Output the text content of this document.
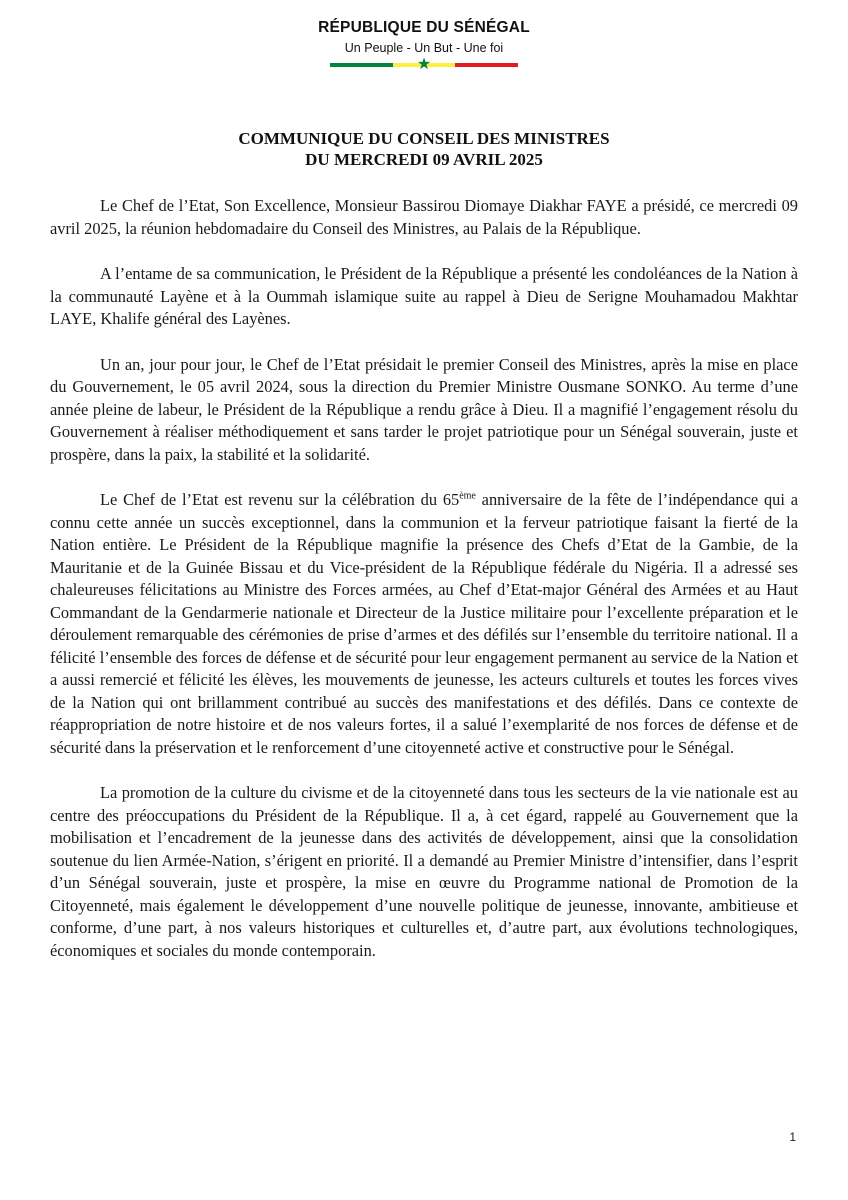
RÉPUBLIQUE DU SÉNÉGAL
Un Peuple - Un But - Une foi
★
COMMUNIQUE DU CONSEIL DES MINISTRES
DU MERCREDI 09 AVRIL 2025

Le Chef de l’Etat, Son Excellence, Monsieur Bassirou Diomaye Diakhar FAYE a présidé, ce mercredi 09 avril 2025, la réunion hebdomadaire du Conseil des Ministres, au Palais de la République.

A l’entame de sa communication, le Président de la République a présenté les condoléances de la Nation à la communauté Layène et à la Oummah islamique suite au rappel à Dieu de Serigne Mouhamadou Makhtar LAYE, Khalife général des Layènes.

Un an, jour pour jour, le Chef de l’Etat présidait le premier Conseil des Ministres, après la mise en place du Gouvernement, le 05 avril 2024, sous la direction du Premier Ministre Ousmane SONKO. Au terme d’une année pleine de labeur, le Président de la République a rendu grâce à Dieu. Il a magnifié l’engagement résolu du Gouvernement à réaliser méthodiquement et sans tarder le projet patriotique pour un Sénégal souverain, juste et prospère, dans la paix, la stabilité et la solidarité.

Le Chef de l’Etat est revenu sur la célébration du 65ème anniversaire de la fête de l’indépendance qui a connu cette année un succès exceptionnel, dans la communion et la ferveur patriotique faisant la fierté de la Nation entière. Le Président de la République magnifie la présence des Chefs d’Etat de la Gambie, de la Mauritanie et de la Guinée Bissau et du Vice-président de la République fédérale du Nigéria. Il a adressé ses chaleureuses félicitations au Ministre des Forces armées, au Chef d’Etat-major Général des Armées et au Haut Commandant de la Gendarmerie nationale et Directeur de la Justice militaire pour l’excellente préparation et le déroulement remarquable des cérémonies de prise d’armes et des défilés sur l’ensemble du territoire national. Il a félicité l’ensemble des forces de défense et de sécurité pour leur engagement permanent au service de la Nation et a aussi remercié et félicité les élèves, les mouvements de jeunesse, les acteurs culturels et toutes les forces vives de la Nation qui ont brillamment contribué au succès des manifestations et des défilés. Dans ce contexte de réappropriation de notre histoire et de nos valeurs fortes, il a salué l’exemplarité de nos forces de défense et de sécurité dans la préservation et le renforcement d’une citoyenneté active et constructive pour le Sénégal.

La promotion de la culture du civisme et de la citoyenneté dans tous les secteurs de la vie nationale est au centre des préoccupations du Président de la République. Il a, à cet égard, rappelé au Gouvernement que la mobilisation et l’encadrement de la jeunesse dans des activités de développement, ainsi que la consolidation soutenue du lien Armée-Nation, s’érigent en priorité. Il a demandé au Premier Ministre d’intensifier, dans l’esprit d’un Sénégal souverain, juste et prospère, la mise en œuvre du Programme national de Promotion de la Citoyenneté, mais également le développement d’une nouvelle politique de jeunesse, innovante, ambitieuse et conforme, d’une part, à nos valeurs historiques et culturelles et, d’autre part, aux évolutions technologiques, économiques et sociales du monde contemporain.

1
